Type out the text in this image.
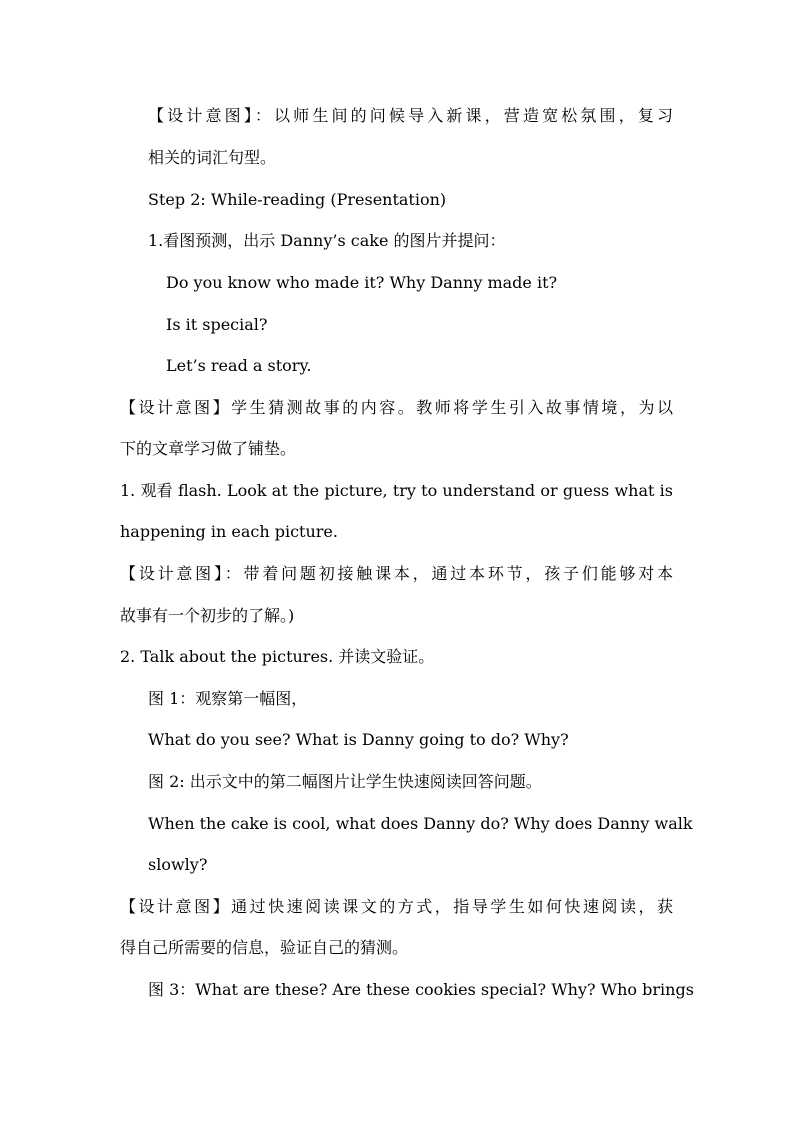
【设计意图】：以师生间的问候导入新课，营造宽松氛围，复习
相关的词汇句型。
Step 2: While-reading (Presentation)
1.看图预测，出示 Danny’s cake 的图片并提问：
Do you know who made it? Why Danny made it?
Is it special?
Let’s read a story.
【设计意图】学生猜测故事的内容。教师将学生引入故事情境，为以
下的文章学习做了铺垫。
1. 观看 flash. Look at the picture, try to understand or guess what is
happening in each picture.
【设计意图】：带着问题初接触课本，通过本环节，孩子们能够对本
故事有一个初步的了解。)
2. Talk about the pictures. 并读文验证。
图 1：观察第一幅图，
What do you see? What is Danny going to do? Why?
图 2: 出示文中的第二幅图片让学生快速阅读回答问题。
When the cake is cool, what does Danny do? Why does Danny walk
slowly?
【设计意图】通过快速阅读课文的方式，指导学生如何快速阅读，获
得自己所需要的信息，验证自己的猜测。
图 3：What are these? Are these cookies special? Why? Who brings
